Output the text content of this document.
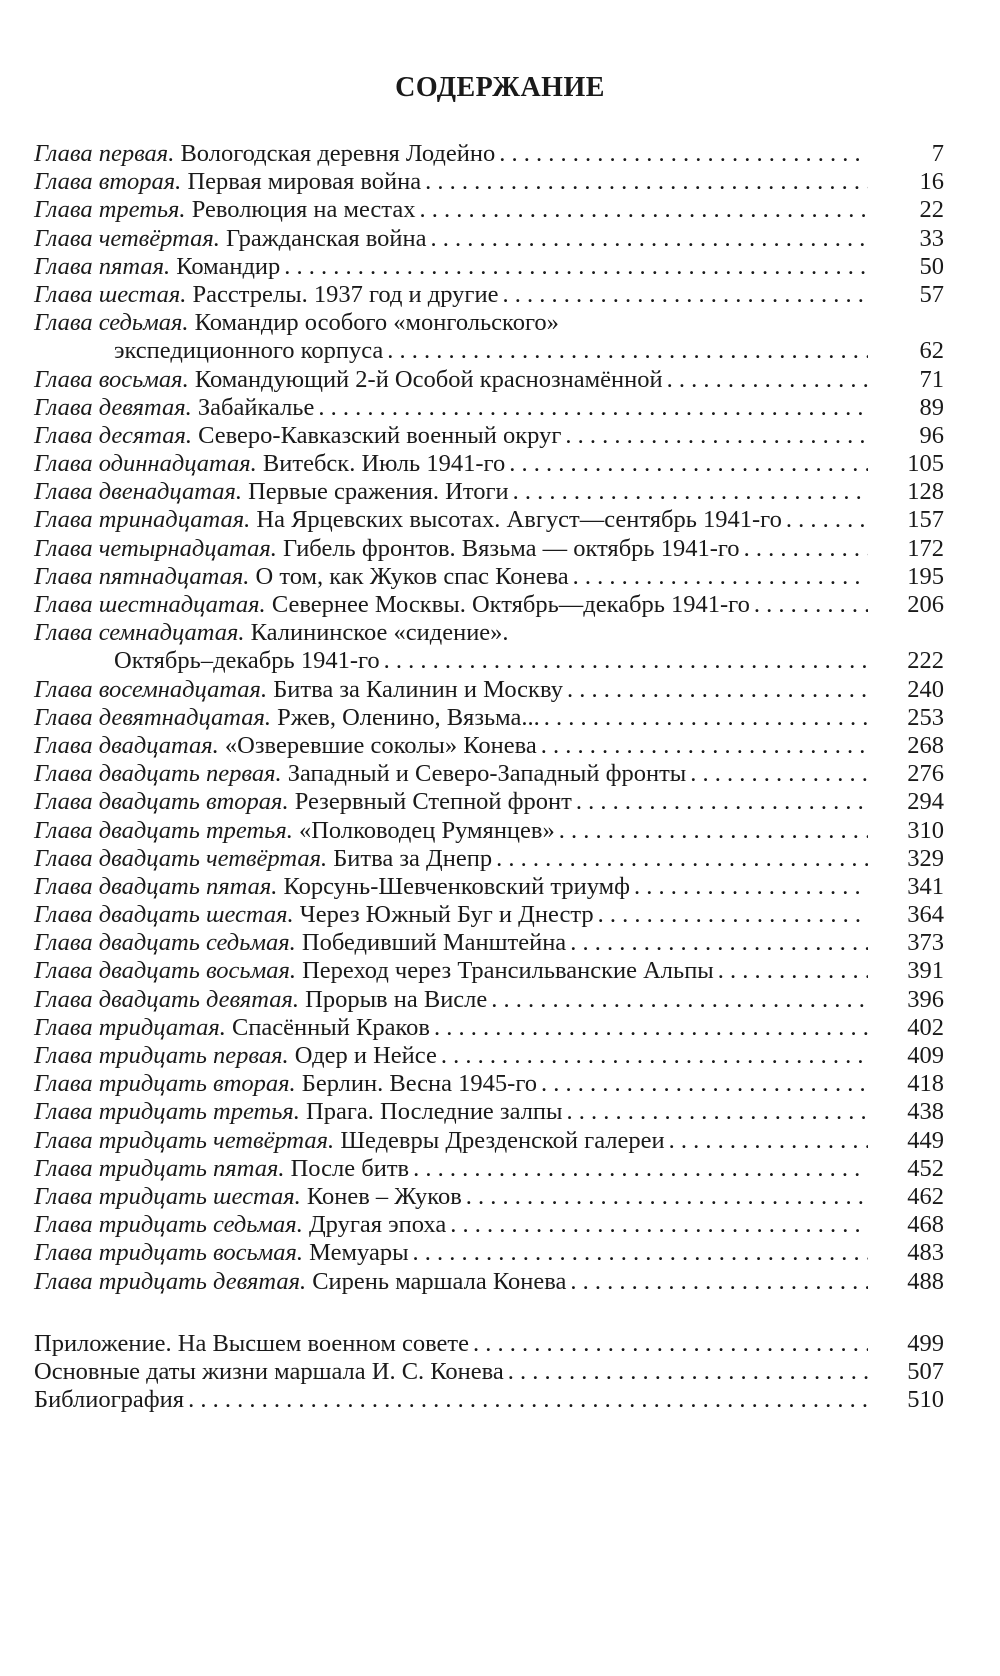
СОДЕРЖАНИЕ
Глава первая. Вологодская деревня Лодейно . . .	7
Глава вторая. Первая мировая война . . .	16
Глава третья. Революция на местах . . .	22
Глава четвёртая. Гражданская война . . .	33
Глава пятая. Командир . . .	50
Глава шестая. Расстрелы. 1937 год и другие . . .	57
Глава седьмая. Командир особого «монгольского»
экспедиционного корпуса . . .	62
Глава восьмая. Командующий 2-й Особой краснознамённой . . .	71
Глава девятая. Забайкалье . . .	89
Глава десятая. Северо-Кавказский военный округ . . .	96
Глава одиннадцатая. Витебск. Июль 1941-го . . .	105
Глава двенадцатая. Первые сражения. Итоги . . .	128
Глава тринадцатая. На Ярцевских высотах. Август—сентябрь 1941-го . . .	157
Глава четырнадцатая. Гибель фронтов. Вязьма — октябрь 1941-го . . .	172
Глава пятнадцатая. О том, как Жуков спас Конева . . .	195
Глава шестнадцатая. Севернее Москвы. Октябрь—декабрь 1941-го . . .	206
Глава семнадцатая. Калининское «сидение».
Октябрь–декабрь 1941-го . . .	222
Глава восемнадцатая. Битва за Калинин и Москву . . .	240
Глава девятнадцатая. Ржев, Оленино, Вязьма... . . .	253
Глава двадцатая. «Озверевшие соколы» Конева . . .	268
Глава двадцать первая. Западный и Северо-Западный фронты . . .	276
Глава двадцать вторая. Резервный Степной фронт . . .	294
Глава двадцать третья. «Полководец Румянцев» . . .	310
Глава двадцать четвёртая. Битва за Днепр . . .	329
Глава двадцать пятая. Корсунь-Шевченковский триумф . . .	341
Глава двадцать шестая. Через Южный Буг и Днестр . . .	364
Глава двадцать седьмая. Победивший Манштейна . . .	373
Глава двадцать восьмая. Переход через Трансильванские Альпы . . .	391
Глава двадцать девятая. Прорыв на Висле . . .	396
Глава тридцатая. Спасённый Краков . . .	402
Глава тридцать первая. Одер и Нейсе . . .	409
Глава тридцать вторая. Берлин. Весна 1945-го . . .	418
Глава тридцать третья. Прага. Последние залпы . . .	438
Глава тридцать четвёртая. Шедевры Дрезденской галереи . . .	449
Глава тридцать пятая. После битв . . .	452
Глава тридцать шестая. Конев – Жуков . . .	462
Глава тридцать седьмая. Другая эпоха . . .	468
Глава тридцать восьмая. Мемуары . . .	483
Глава тридцать девятая. Сирень маршала Конева . . .	488
Приложение. На Высшем военном совете . . .	499
Основные даты жизни маршала И. С. Конева . . .	507
Библиография . . .	510
